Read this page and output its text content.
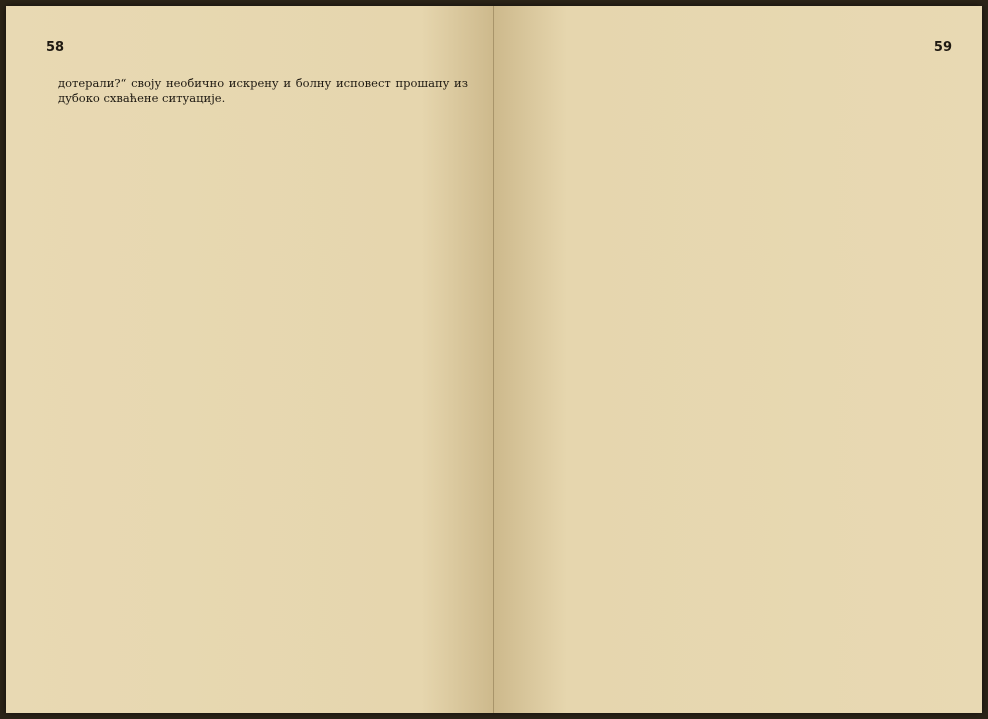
58

дотерали?“ своју необично искрену и болну исповест прошапу из дубоко схваћене ситуације.

59
